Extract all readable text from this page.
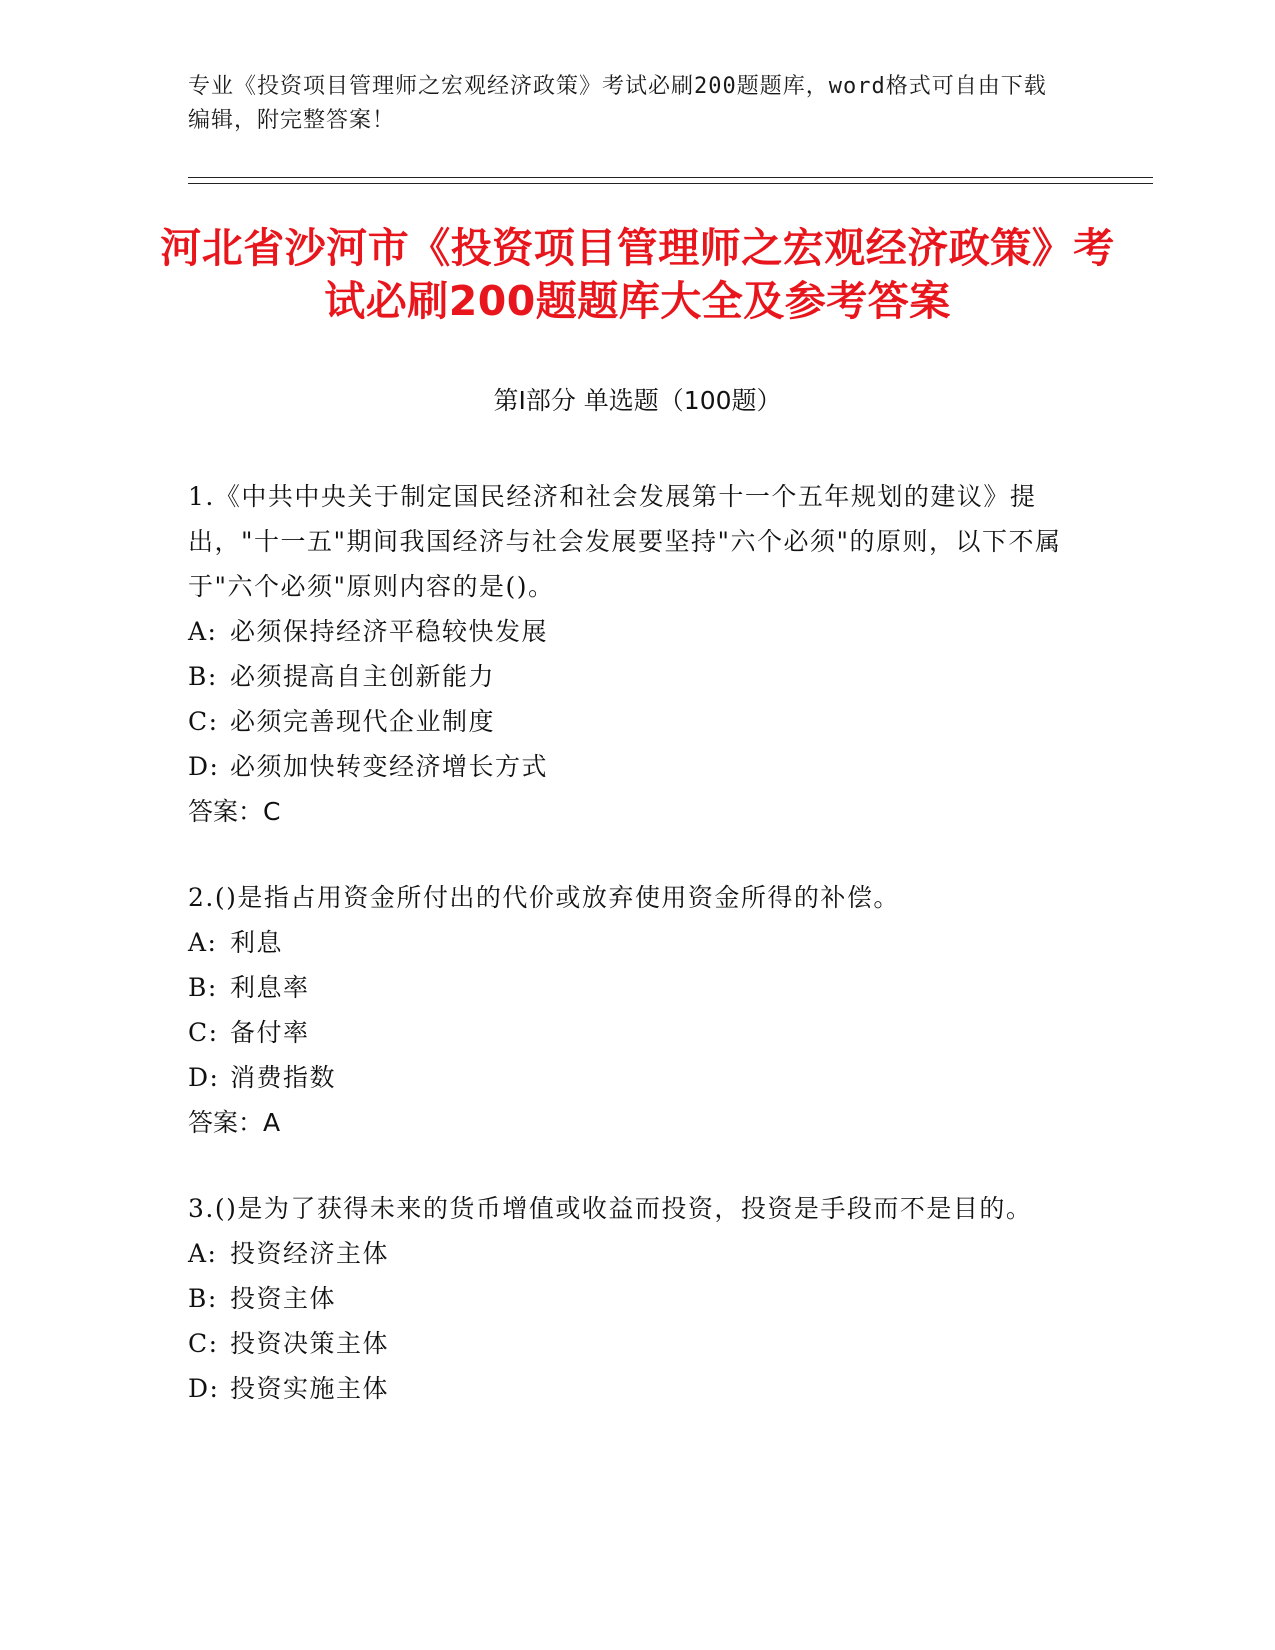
专业《投资项目管理师之宏观经济政策》考试必刷200题题库，word格式可自由下载编辑，附完整答案！
河北省沙河市《投资项目管理师之宏观经济政策》考试必刷200题题库大全及参考答案
第Ⅰ部分 单选题（100题）

1.《中共中央关于制定国民经济和社会发展第十一个五年规划的建议》提出，"十一五"期间我国经济与社会发展要坚持"六个必须"的原则，以下不属于"六个必须"原则内容的是()。

A: 必须保持经济平稳较快发展

B: 必须提高自主创新能力

C: 必须完善现代企业制度

D: 必须加快转变经济增长方式

答案：C

2.()是指占用资金所付出的代价或放弃使用资金所得的补偿。

A: 利息

B: 利息率

C: 备付率

D: 消费指数

答案：A

3.()是为了获得未来的货币增值或收益而投资，投资是手段而不是目的。

A: 投资经济主体

B: 投资主体

C: 投资决策主体

D: 投资实施主体
